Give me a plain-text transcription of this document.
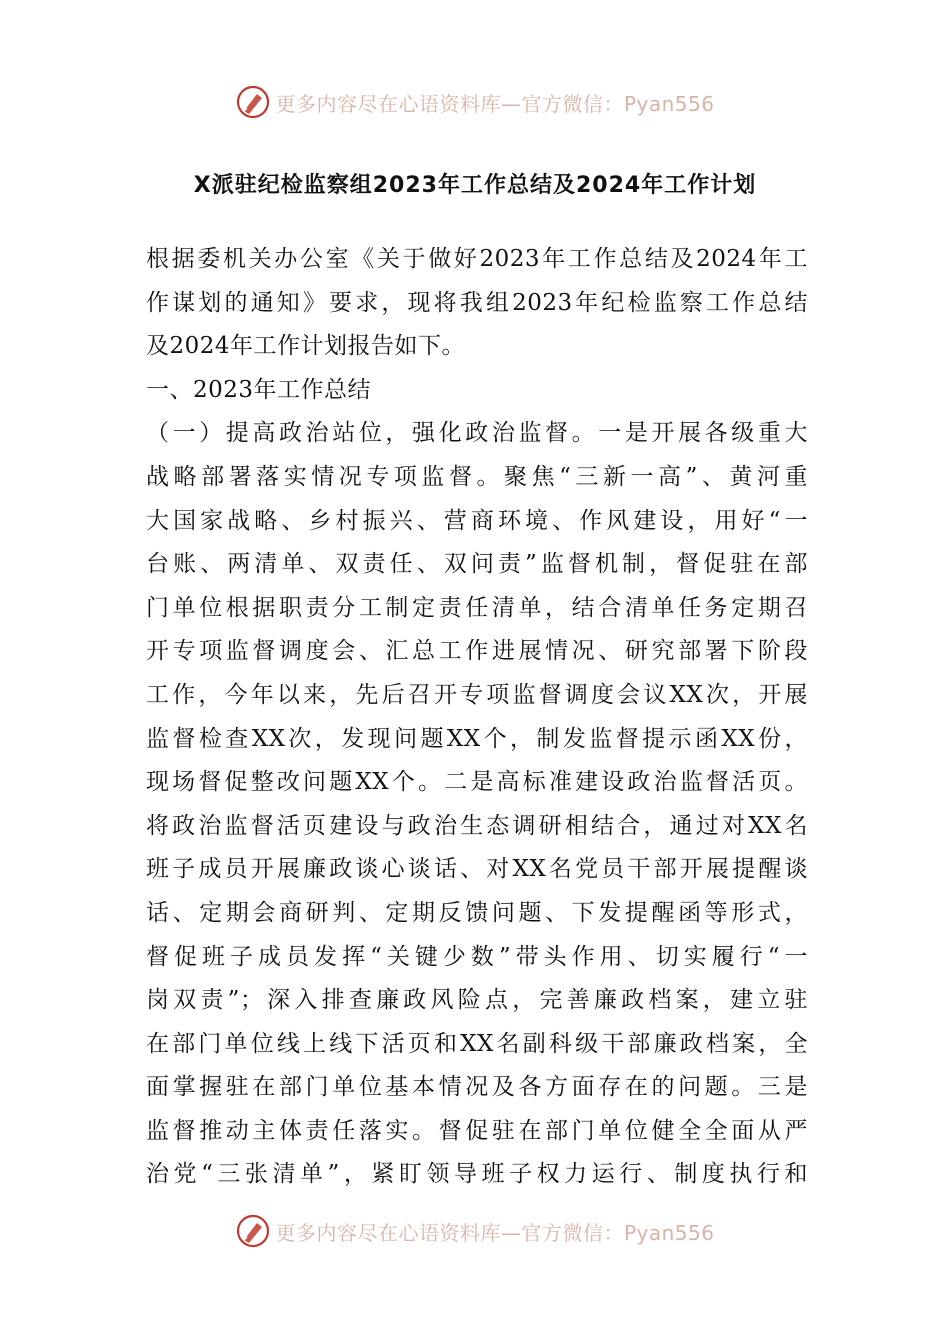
更多内容尽在心语资料库—官方微信：Pyan556
X派驻纪检监察组2023年工作总结及2024年工作计划
根据委机关办公室《关于做好2023年工作总结及2024年工
作谋划的通知》要求，现将我组2023年纪检监察工作总结
及2024年工作计划报告如下。
一、2023年工作总结
（一）提高政治站位，强化政治监督。一是开展各级重大
战略部署落实情况专项监督。聚焦“三新一高”、黄河重
大国家战略、乡村振兴、营商环境、作风建设，用好“一
台账、两清单、双责任、双问责”监督机制，督促驻在部
门单位根据职责分工制定责任清单，结合清单任务定期召
开专项监督调度会、汇总工作进展情况、研究部署下阶段
工作，今年以来，先后召开专项监督调度会议XX次，开展
监督检查XX次，发现问题XX个，制发监督提示函XX份，
现场督促整改问题XX个。二是高标准建设政治监督活页。
将政治监督活页建设与政治生态调研相结合，通过对XX名
班子成员开展廉政谈心谈话、对XX名党员干部开展提醒谈
话、定期会商研判、定期反馈问题、下发提醒函等形式，
督促班子成员发挥“关键少数”带头作用、切实履行“一
岗双责”；深入排查廉政风险点，完善廉政档案，建立驻
在部门单位线上线下活页和XX名副科级干部廉政档案，全
面掌握驻在部门单位基本情况及各方面存在的问题。三是
监督推动主体责任落实。督促驻在部门单位健全全面从严
治党“三张清单”，紧盯领导班子权力运行、制度执行和
更多内容尽在心语资料库—官方微信：Pyan556
